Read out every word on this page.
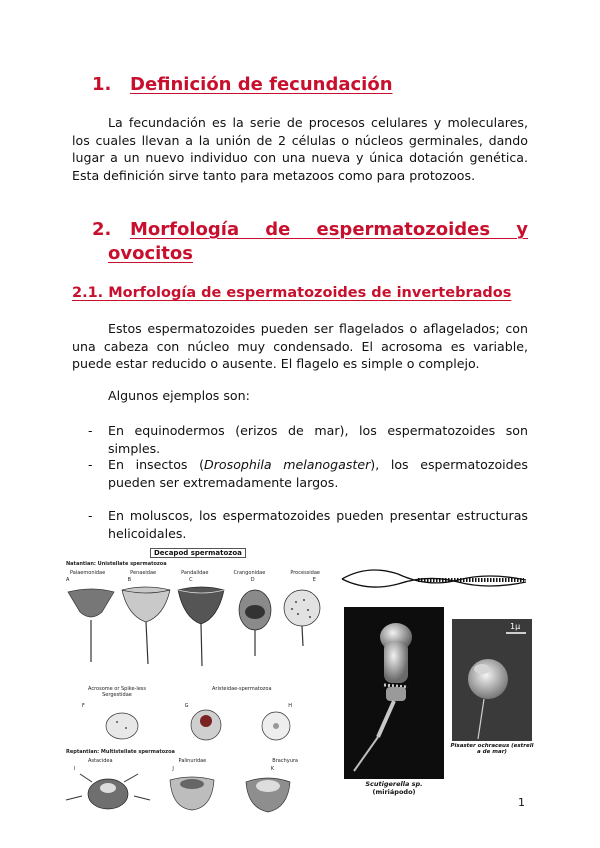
1. Definición de fecundación
La fecundación es la serie de procesos celulares y moleculares, los cuales llevan a la unión de 2 células o núcleos germinales, dando lugar a un nuevo individuo con una nueva y única dotación genética. Esta definición sirve tanto para metazoos como para protozoos.
2. Morfología de espermatozoides y
ovocitos
2.1. Morfología de espermatozoides de invertebrados
Estos espermatozoides pueden ser flagelados o aflagelados; con una cabeza con núcleo muy condensado. El acrosoma es variable, puede estar reducido o ausente. El flagelo es simple o complejo.
Algunos ejemplos son:
- En equinodermos (erizos de mar), los espermatozoides son simples.
- En insectos (Drosophila melanogaster), los espermatozoides pueden ser extremadamente largos.
- En moluscos, los espermatozoides pueden presentar estructuras helicoidales.
Decapod spermatozoa
Natantian: Unistellate spermatozoa
Palaemonidae	Penaeidae	Pandalidae	Crangonidae	Processidae
A	B	C	D	E
Acrosome or Spike-less
Sergestidae
Aristeidae-spermatozoa
F	G	H
Reptantian: Multistellate spermatozoa
Astacidea	Palinuridae	Brachyura
I	J	K
Scutigerella sp.
(miriápodo)
1μ
Pisaster ochraceus (estrell a de mar)
1
